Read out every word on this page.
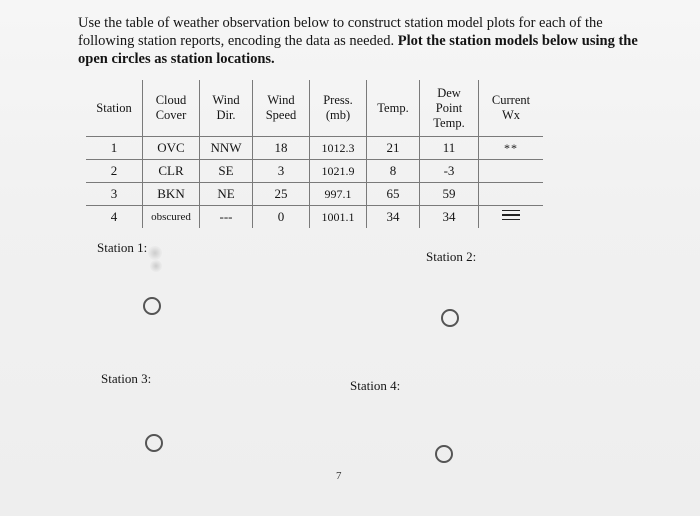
Use the table of weather observation below to construct station model plots for each of the following station reports, encoding the data as needed. Plot the station models below using the open circles as station locations.
Station	Cloud Cover	Wind Dir.	Wind Speed	Press. (mb)	Temp.	Dew Point Temp.	Current Wx

1	OVC	NNW	18	1012.3	21	11	**
2	CLR	SE	3	1021.9	8	-3	
3	BKN	NE	25	997.1	65	59	
4	obscured	---	0	1001.1	34	34	
Station 1:
Station 2:
Station 3:	Station 4:
7
